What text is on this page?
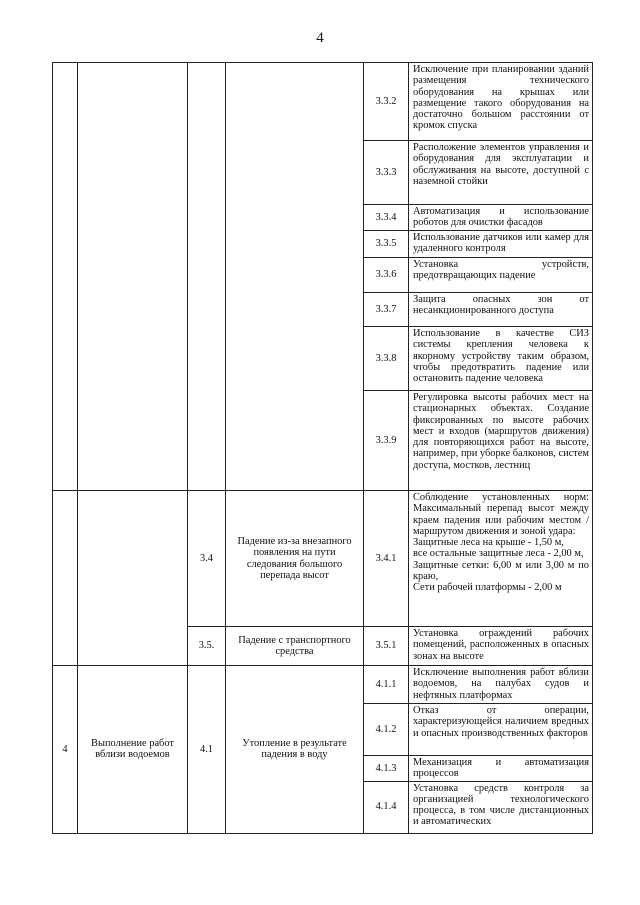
4
				3.3.2	Исключение при планировании зданий размещения технического оборудования на крышах или размещение такого оборудования на достаточно большом расстоянии от кромок спуска
				3.3.3	Расположение элементов управления и оборудования для эксплуатации и обслуживания на высоте, доступной с наземной стойки
				3.3.4	Автоматизация и использование роботов для очистки фасадов
				3.3.5	Использование датчиков или камер для удаленного контроля
				3.3.6	Установка устройств, предотвращающих падение
				3.3.7	Защита опасных зон от несанкционированного доступа
				3.3.8	Использование в качестве СИЗ системы крепления человека к якорному устройству таким образом, чтобы предотвратить падение или остановить падение человека
				3.3.9	Регулировка высоты рабочих мест на стационарных объектах. Создание фиксированных по высоте рабочих мест и входов (маршрутов движения) для повторяющихся работ на высоте, например, при уборке балконов, систем доступа, мостков, лестниц
		3.4	Падение из-за внезапного появления на пути следования большого перепада высот	3.4.1	Соблюдение установленных норм: Максимальный перепад высот между краем падения или рабочим местом / маршрутом движения и зоной удара:
Защитные леса на крыше - 1,50 м,
все остальные защитные леса - 2,00 м,
Защитные сетки: 6,00 м или 3,00 м по краю,
Сети рабочей платформы - 2,00 м

		3.5.	Падение с транспортного средства	3.5.1	Установка ограждений рабочих помещений, расположенных в опасных зонах на высоте
4	Выполнение работ вблизи водоемов	4.1	Утопление в результате падения в воду	4.1.1	Исключение выполнения работ вблизи водоемов, на палубах судов и нефтяных платформах
				4.1.2	Отказ от операции, характеризующейся наличием вредных и опасных производственных факторов
				4.1.3	Механизация и автоматизация процессов
				4.1.4	Установка средств контроля за организацией технологического процесса, в том числе дистанционных и автоматических
